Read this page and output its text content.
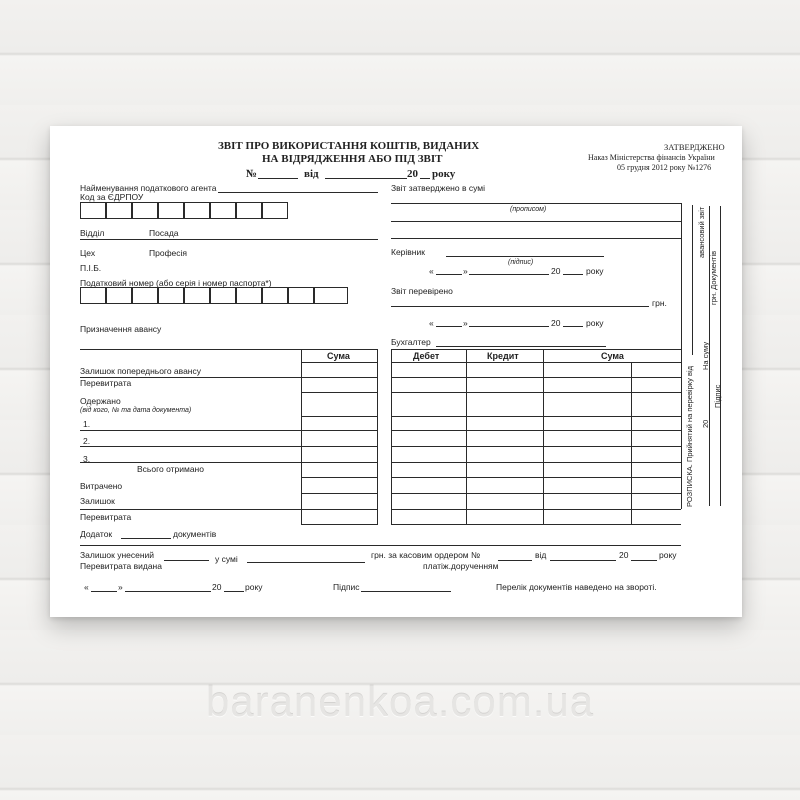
ЗВІТ ПРО ВИКОРИСТАННЯ КОШТІВ, ВИДАНИХ
НА ВІДРЯДЖЕННЯ АБО ПІД ЗВІТ
№	від	20 року
ЗАТВЕРДЖЕНО
Наказ Міністерства фінансів України
05 грудня 2012 року №1276
Найменування податкового агента
Код за ЄДРПОУ
Відділ	Посада
Цех	Професія
П.І.Б.
Податковий номер (або серія і номер паспорта*)
Призначення авансу
Сума
Залишок попереднього авансу
Перевитрата
Одержано
(від кого, № та дата документа)
1.
2.
3.
Всього отримано
Витрачено
Залишок
Перевитрата
Додаток	документів
Звіт затверджено в сумі
(прописом)
Керівник
(підпис)
«	»	20	року
Звіт перевірено
грн.
«	»	20	року
Бухгалтер
Дебет	Кредит	Сума
РОЗПИСКА. Прийнятий на перевірку від
авансовий звіт
На суму
20
грн. Документів
Підпис
Залишок унесений
Перевитрата видана
у сумі	грн. за касовим ордером №	від	20	року
платіж.дорученням
«	»	20	року	Підпис	Перелік документів наведено на звороті.
baranenkoa.com.ua
